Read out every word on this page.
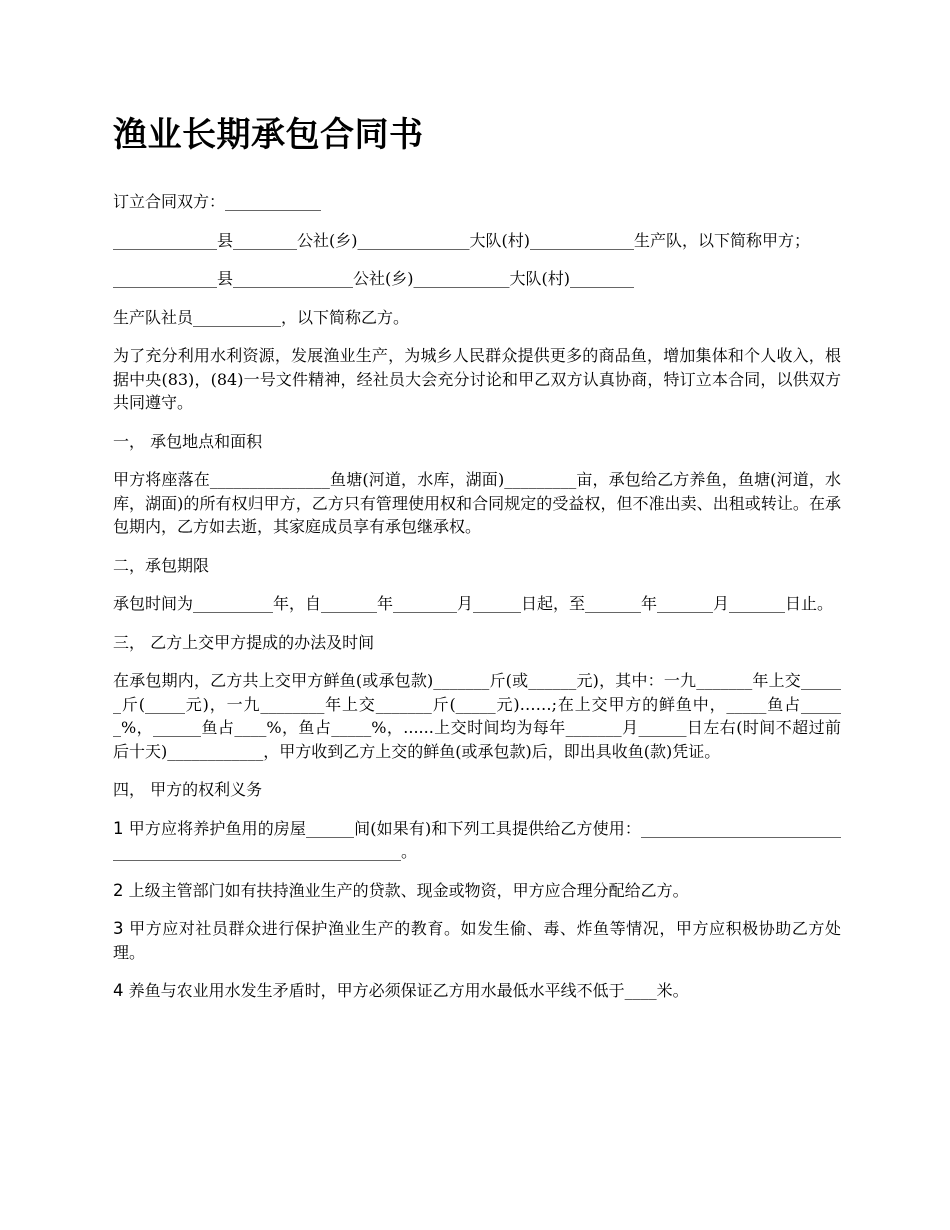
渔业长期承包合同书

订立合同双方：____________

_____________县________公社(乡)______________大队(村)_____________生产队，以下简称甲方；

_____________县_______________公社(乡)____________大队(村)________

生产队社员___________，以下简称乙方。

为了充分利用水利资源，发展渔业生产，为城乡人民群众提供更多的商品鱼，增加集体和个人收入，根据中央(83)，(84)一号文件精神，经社员大会充分讨论和甲乙双方认真协商，特订立本合同，以供双方共同遵守。

一， 承包地点和面积

甲方将座落在_______________鱼塘(河道，水库，湖面)_________亩，承包给乙方养鱼，鱼塘(河道，水库，湖面)的所有权归甲方，乙方只有管理使用权和合同规定的受益权，但不准出卖、出租或转让。在承包期内，乙方如去逝，其家庭成员享有承包继承权。

二，承包期限

承包时间为__________年，自_______年________月______日起，至_______年_______月_______日止。

三， 乙方上交甲方提成的办法及时间

在承包期内，乙方共上交甲方鲜鱼(或承包款)_______斤(或______元)，其中：一九_______年上交______斤(_____元)，一九________年上交_______斤(_____元)……;在上交甲方的鲜鱼中，_____鱼占______%，______鱼占____%，鱼占_____%，......上交时间均为每年_______月______日左右(时间不超过前后十天)____________，甲方收到乙方上交的鲜鱼(或承包款)后，即出具收鱼(款)凭证。

四， 甲方的权利义务

1 甲方应将养护鱼用的房屋______间(如果有)和下列工具提供给乙方使用：_____________________________________________________________。

2 上级主管部门如有扶持渔业生产的贷款、现金或物资，甲方应合理分配给乙方。

3 甲方应对社员群众进行保护渔业生产的教育。如发生偷、毒、炸鱼等情况，甲方应积极协助乙方处理。

4 养鱼与农业用水发生矛盾时，甲方必须保证乙方用水最低水平线不低于____米。
